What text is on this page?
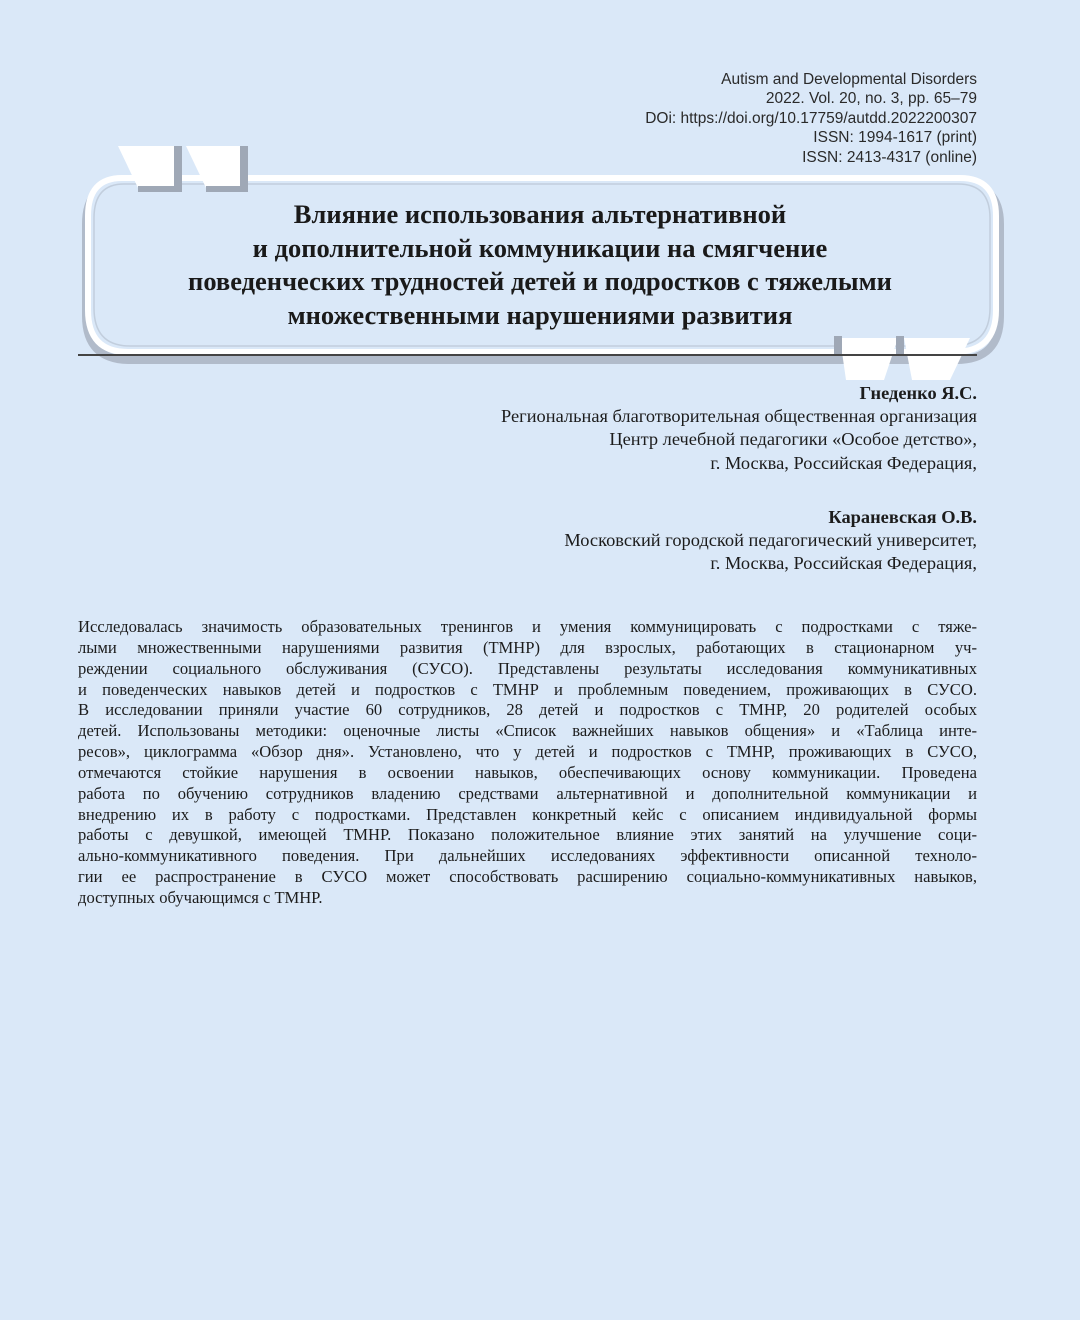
Autism and Developmental Disorders
2022. Vol. 20, no. 3, pp. 65–79
DOi: https://doi.org/10.17759/autdd.2022200307
ISSN: 1994-1617 (print)
ISSN: 2413-4317 (online)
Влияние использования альтернативной
и дополнительной коммуникации на смягчение
поведенческих трудностей детей и подростков с тяжелыми
множественными нарушениями развития
Гнеденко Я.С.
Региональная благотворительная общественная организация
Центр лечебной педагогики «Особое детство»,
г. Москва, Российская Федерация,
Караневская О.В.
Московский городской педагогический университет,
г. Москва, Российская Федерация,
Исследовалась значимость образовательных тренингов и умения коммуницировать с подростками с тяже-
лыми множественными нарушениями развития (ТМНР) для взрослых, работающих в стационарном уч-
реждении социального обслуживания (СУСО). Представлены результаты исследования коммуникативных
и поведенческих навыков детей и подростков с ТМНР и проблемным поведением, проживающих в СУСО.
В исследовании приняли участие 60 сотрудников, 28 детей и подростков с ТМНР, 20 родителей особых
детей. Использованы методики: оценочные листы «Список важнейших навыков общения» и «Таблица инте-
ресов», циклограмма «Обзор дня». Установлено, что у детей и подростков с ТМНР, проживающих в СУСО,
отмечаются стойкие нарушения в освоении навыков, обеспечивающих основу коммуникации. Проведена
работа по обучению сотрудников владению средствами альтернативной и дополнительной коммуникации и
внедрению их в работу с подростками. Представлен конкретный кейс с описанием индивидуальной формы
работы с девушкой, имеющей ТМНР. Показано положительное влияние этих занятий на улучшение соци-
ально-коммуникативного поведения. При дальнейших исследованиях эффективности описанной техноло-
гии ее распространение в СУСО может способствовать расширению социально-коммуникативных навыков,
доступных обучающимся с ТМНР.
